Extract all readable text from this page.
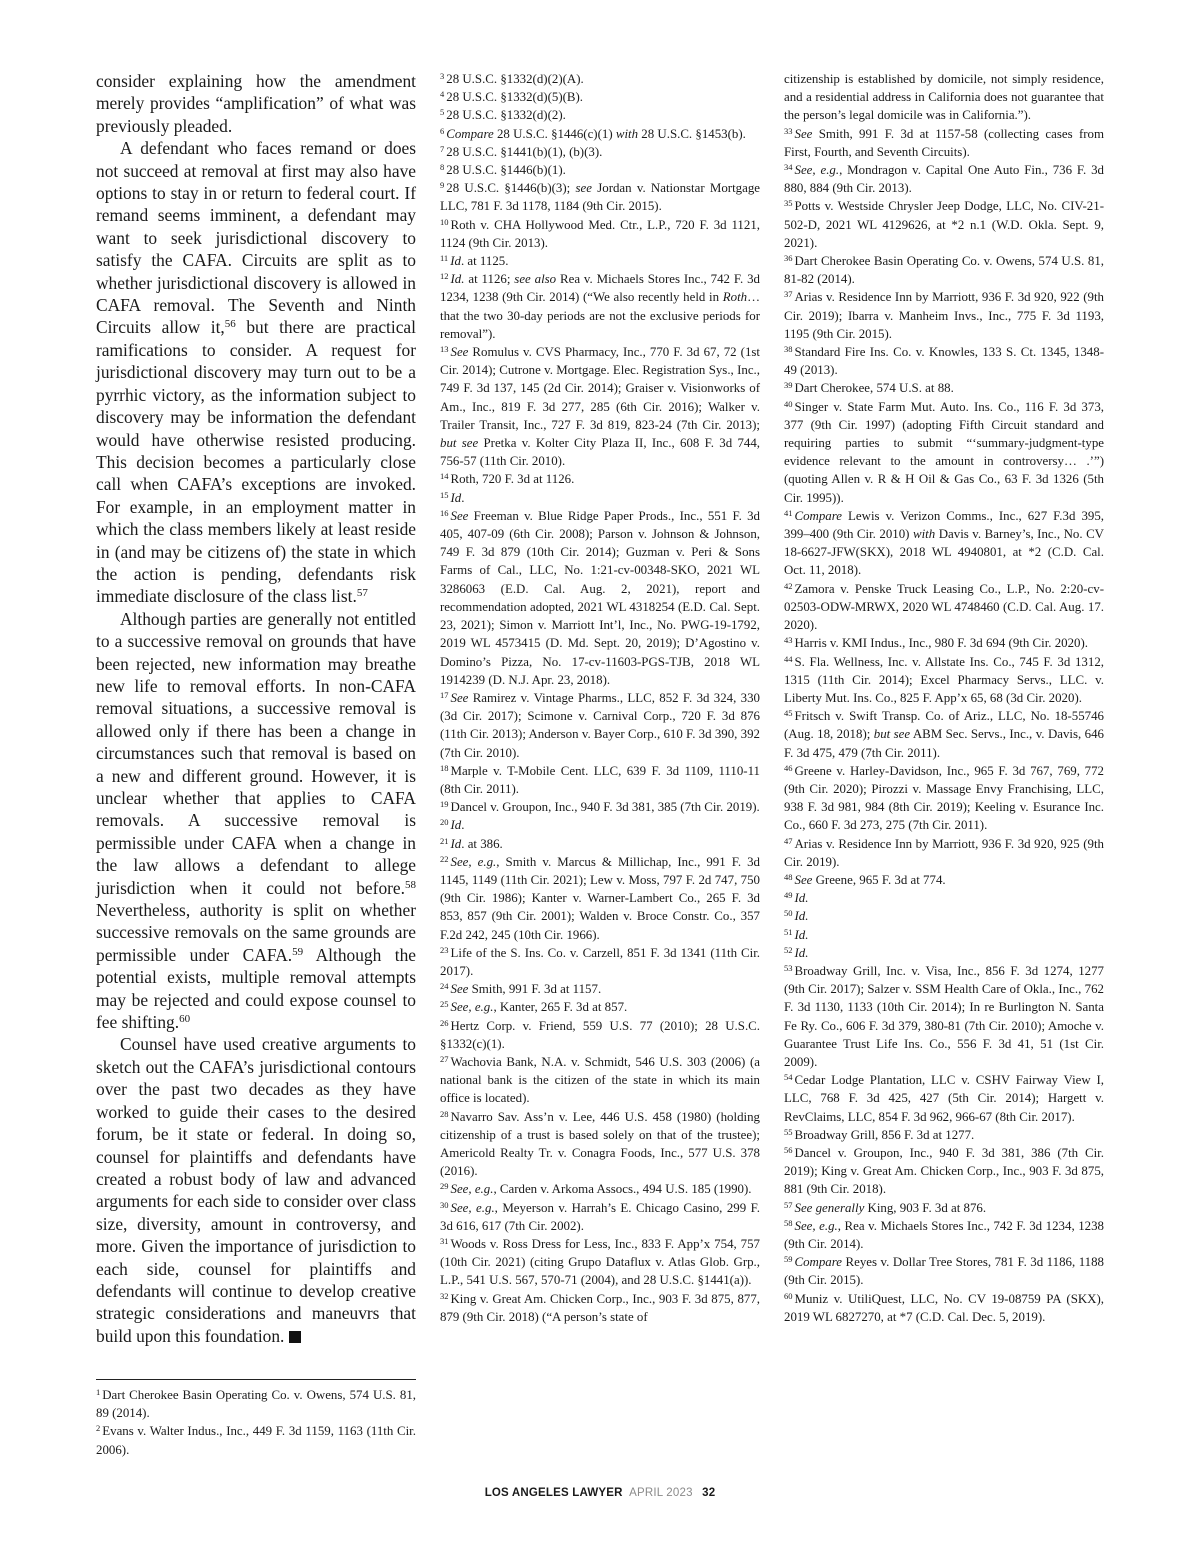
consider explaining how the amendment merely provides “amplification” of what was previously pleaded.

A defendant who faces remand or does not succeed at removal at first may also have options to stay in or return to federal court. If remand seems imminent, a defendant may want to seek jurisdictional discovery to satisfy the CAFA. Circuits are split as to whether jurisdictional discovery is allowed in CAFA removal. The Seventh and Ninth Circuits allow it,$^{56}$ but there are practical ramifications to consider. A request for jurisdictional discovery may turn out to be a pyrrhic victory, as the information subject to discovery may be information the defendant would have otherwise resisted producing. This decision becomes a particularly close call when CAFA’s exceptions are invoked. For example, in an employment matter in which the class members likely at least reside in (and may be citizens of) the state in which the action is pending, defendants risk immediate disclosure of the class list.$^{57}$

Although parties are generally not entitled to a successive removal on grounds that have been rejected, new information may breathe new life to removal efforts. In non-CAFA removal situations, a successive removal is allowed only if there has been a change in circumstances such that removal is based on a new and different ground. However, it is unclear whether that applies to CAFA removals. A successive removal is permissible under CAFA when a change in the law allows a defendant to allege jurisdiction when it could not before.$^{58}$ Nevertheless, authority is split on whether successive removals on the same grounds are permissible under CAFA.$^{59}$ Although the potential exists, multiple removal attempts may be rejected and could expose counsel to fee shifting.$^{60}$

Counsel have used creative arguments to sketch out the CAFA’s jurisdictional contours over the past two decades as they have worked to guide their cases to the desired forum, be it state or federal. In doing so, counsel for plaintiffs and defendants have created a robust body of law and advanced arguments for each side to consider over class size, diversity, amount in controversy, and more. Given the importance of jurisdiction to each side, counsel for plaintiffs and defendants will continue to develop creative strategic considerations and maneuvrs that build upon this foundation.

$^1$ Dart Cherokee Basin Operating Co. v. Owens, 574 U.S. 81, 89 (2014).

$^2$ Evans v. Walter Indus., Inc., 449 F. 3d 1159, 1163 (11th Cir. 2006).

$^3$ 28 U.S.C. §1332(d)(2)(A).

$^4$ 28 U.S.C. §1332(d)(5)(B).

$^5$ 28 U.S.C. §1332(d)(2).

$^6$ Compare 28 U.S.C. §1446(c)(1) with 28 U.S.C. §1453(b).

$^7$ 28 U.S.C. §1441(b)(1), (b)(3).

$^8$ 28 U.S.C. §1446(b)(1).

$^9$ 28 U.S.C. §1446(b)(3); see Jordan v. Nationstar Mortgage LLC, 781 F. 3d 1178, 1184 (9th Cir. 2015).

$^{10}$ Roth v. CHA Hollywood Med. Ctr., L.P., 720 F. 3d 1121, 1124 (9th Cir. 2013).

$^{11}$ Id. at 1125.

$^{12}$ Id. at 1126; see also Rea v. Michaels Stores Inc., 742 F. 3d 1234, 1238 (9th Cir. 2014) (“We also recently held in Roth…that the two 30-day periods are not the exclusive periods for removal”).

$^{13}$ See Romulus v. CVS Pharmacy, Inc., 770 F. 3d 67, 72 (1st Cir. 2014); Cutrone v. Mortgage. Elec. Registration Sys., Inc., 749 F. 3d 137, 145 (2d Cir. 2014); Graiser v. Visionworks of Am., Inc., 819 F. 3d 277, 285 (6th Cir. 2016); Walker v. Trailer Transit, Inc., 727 F. 3d 819, 823-24 (7th Cir. 2013); but see Pretka v. Kolter City Plaza II, Inc., 608 F. 3d 744, 756-57 (11th Cir. 2010).

$^{14}$ Roth, 720 F. 3d at 1126.

$^{15}$ Id.

$^{16}$ See Freeman v. Blue Ridge Paper Prods., Inc., 551 F. 3d 405, 407-09 (6th Cir. 2008); Parson v. Johnson & Johnson, 749 F. 3d 879 (10th Cir. 2014); Guzman v. Peri & Sons Farms of Cal., LLC, No. 1:21-cv-00348-SKO, 2021 WL 3286063 (E.D. Cal. Aug. 2, 2021), report and recommendation adopted, 2021 WL 4318254 (E.D. Cal. Sept. 23, 2021); Simon v. Marriott Int’l, Inc., No. PWG-19-1792, 2019 WL 4573415 (D. Md. Sept. 20, 2019); D’Agostino v. Domino’s Pizza, No. 17-cv-11603-PGS-TJB, 2018 WL 1914239 (D. N.J. Apr. 23, 2018).

$^{17}$ See Ramirez v. Vintage Pharms., LLC, 852 F. 3d 324, 330 (3d Cir. 2017); Scimone v. Carnival Corp., 720 F. 3d 876 (11th Cir. 2013); Anderson v. Bayer Corp., 610 F. 3d 390, 392 (7th Cir. 2010).

$^{18}$ Marple v. T-Mobile Cent. LLC, 639 F. 3d 1109, 1110-11 (8th Cir. 2011).

$^{19}$ Dancel v. Groupon, Inc., 940 F. 3d 381, 385 (7th Cir. 2019).

$^{20}$ Id.

$^{21}$ Id. at 386.

$^{22}$ See, e.g., Smith v. Marcus & Millichap, Inc., 991 F. 3d 1145, 1149 (11th Cir. 2021); Lew v. Moss, 797 F. 2d 747, 750 (9th Cir. 1986); Kanter v. Warner-Lambert Co., 265 F. 3d 853, 857 (9th Cir. 2001); Walden v. Broce Constr. Co., 357 F.2d 242, 245 (10th Cir. 1966).

$^{23}$ Life of the S. Ins. Co. v. Carzell, 851 F. 3d 1341 (11th Cir. 2017).

$^{24}$ See Smith, 991 F. 3d at 1157.

$^{25}$ See, e.g., Kanter, 265 F. 3d at 857.

$^{26}$ Hertz Corp. v. Friend, 559 U.S. 77 (2010); 28 U.S.C. §1332(c)(1).

$^{27}$ Wachovia Bank, N.A. v. Schmidt, 546 U.S. 303 (2006) (a national bank is the citizen of the state in which its main office is located).

$^{28}$ Navarro Sav. Ass’n v. Lee, 446 U.S. 458 (1980) (holding citizenship of a trust is based solely on that of the trustee); Americold Realty Tr. v. Conagra Foods, Inc., 577 U.S. 378 (2016).

$^{29}$ See, e.g., Carden v. Arkoma Assocs., 494 U.S. 185 (1990).

$^{30}$ See, e.g., Meyerson v. Harrah’s E. Chicago Casino, 299 F. 3d 616, 617 (7th Cir. 2002).

$^{31}$ Woods v. Ross Dress for Less, Inc., 833 F. App’x 754, 757 (10th Cir. 2021) (citing Grupo Dataflux v. Atlas Glob. Grp., L.P., 541 U.S. 567, 570-71 (2004), and 28 U.S.C. §1441(a)).

$^{32}$ King v. Great Am. Chicken Corp., Inc., 903 F. 3d 875, 877, 879 (9th Cir. 2018) (“A person’s state of

citizenship is established by domicile, not simply residence, and a residential address in California does not guarantee that the person’s legal domicile was in California.”).

$^{33}$ See Smith, 991 F. 3d at 1157-58 (collecting cases from First, Fourth, and Seventh Circuits).

$^{34}$ See, e.g., Mondragon v. Capital One Auto Fin., 736 F. 3d 880, 884 (9th Cir. 2013).

$^{35}$ Potts v. Westside Chrysler Jeep Dodge, LLC, No. CIV-21-502-D, 2021 WL 4129626, at *2 n.1 (W.D. Okla. Sept. 9, 2021).

$^{36}$ Dart Cherokee Basin Operating Co. v. Owens, 574 U.S. 81, 81-82 (2014).

$^{37}$ Arias v. Residence Inn by Marriott, 936 F. 3d 920, 922 (9th Cir. 2019); Ibarra v. Manheim Invs., Inc., 775 F. 3d 1193, 1195 (9th Cir. 2015).

$^{38}$ Standard Fire Ins. Co. v. Knowles, 133 S. Ct. 1345, 1348-49 (2013).

$^{39}$ Dart Cherokee, 574 U.S. at 88.

$^{40}$ Singer v. State Farm Mut. Auto. Ins. Co., 116 F. 3d 373, 377 (9th Cir. 1997) (adopting Fifth Circuit standard and requiring parties to submit “‘summary-judgment-type evidence relevant to the amount in controversy… .’”) (quoting Allen v. R & H Oil & Gas Co., 63 F. 3d 1326 (5th Cir. 1995)).

$^{41}$ Compare Lewis v. Verizon Comms., Inc., 627 F.3d 395, 399–400 (9th Cir. 2010) with Davis v. Barney’s, Inc., No. CV 18-6627-JFW(SKX), 2018 WL 4940801, at *2 (C.D. Cal. Oct. 11, 2018).

$^{42}$ Zamora v. Penske Truck Leasing Co., L.P., No. 2:20-cv-02503-ODW-MRWX, 2020 WL 4748460 (C.D. Cal. Aug. 17. 2020).

$^{43}$ Harris v. KMI Indus., Inc., 980 F. 3d 694 (9th Cir. 2020).

$^{44}$ S. Fla. Wellness, Inc. v. Allstate Ins. Co., 745 F. 3d 1312, 1315 (11th Cir. 2014); Excel Pharmacy Servs., LLC. v. Liberty Mut. Ins. Co., 825 F. App’x 65, 68 (3d Cir. 2020).

$^{45}$ Fritsch v. Swift Transp. Co. of Ariz., LLC, No. 18-55746 (Aug. 18, 2018); but see ABM Sec. Servs., Inc., v. Davis, 646 F. 3d 475, 479 (7th Cir. 2011).

$^{46}$ Greene v. Harley-Davidson, Inc., 965 F. 3d 767, 769, 772 (9th Cir. 2020); Pirozzi v. Massage Envy Franchising, LLC, 938 F. 3d 981, 984 (8th Cir. 2019); Keeling v. Esurance Inc. Co., 660 F. 3d 273, 275 (7th Cir. 2011).

$^{47}$ Arias v. Residence Inn by Marriott, 936 F. 3d 920, 925 (9th Cir. 2019).

$^{48}$ See Greene, 965 F. 3d at 774.

$^{49}$ Id.

$^{50}$ Id.

$^{51}$ Id.

$^{52}$ Id.

$^{53}$ Broadway Grill, Inc. v. Visa, Inc., 856 F. 3d 1274, 1277 (9th Cir. 2017); Salzer v. SSM Health Care of Okla., Inc., 762 F. 3d 1130, 1133 (10th Cir. 2014); In re Burlington N. Santa Fe Ry. Co., 606 F. 3d 379, 380-81 (7th Cir. 2010); Amoche v. Guarantee Trust Life Ins. Co., 556 F. 3d 41, 51 (1st Cir. 2009).

$^{54}$ Cedar Lodge Plantation, LLC v. CSHV Fairway View I, LLC, 768 F. 3d 425, 427 (5th Cir. 2014); Hargett v. RevClaims, LLC, 854 F. 3d 962, 966-67 (8th Cir. 2017).

$^{55}$ Broadway Grill, 856 F. 3d at 1277.

$^{56}$ Dancel v. Groupon, Inc., 940 F. 3d 381, 386 (7th Cir. 2019); King v. Great Am. Chicken Corp., Inc., 903 F. 3d 875, 881 (9th Cir. 2018).

$^{57}$ See generally King, 903 F. 3d at 876.

$^{58}$ See, e.g., Rea v. Michaels Stores Inc., 742 F. 3d 1234, 1238 (9th Cir. 2014).

$^{59}$ Compare Reyes v. Dollar Tree Stores, 781 F. 3d 1186, 1188 (9th Cir. 2015).

$^{60}$ Muniz v. UtiliQuest, LLC, No. CV 19-08759 PA (SKX), 2019 WL 6827270, at *7 (C.D. Cal. Dec. 5, 2019).

LOS ANGELES LAWYER APRIL 2023 32
